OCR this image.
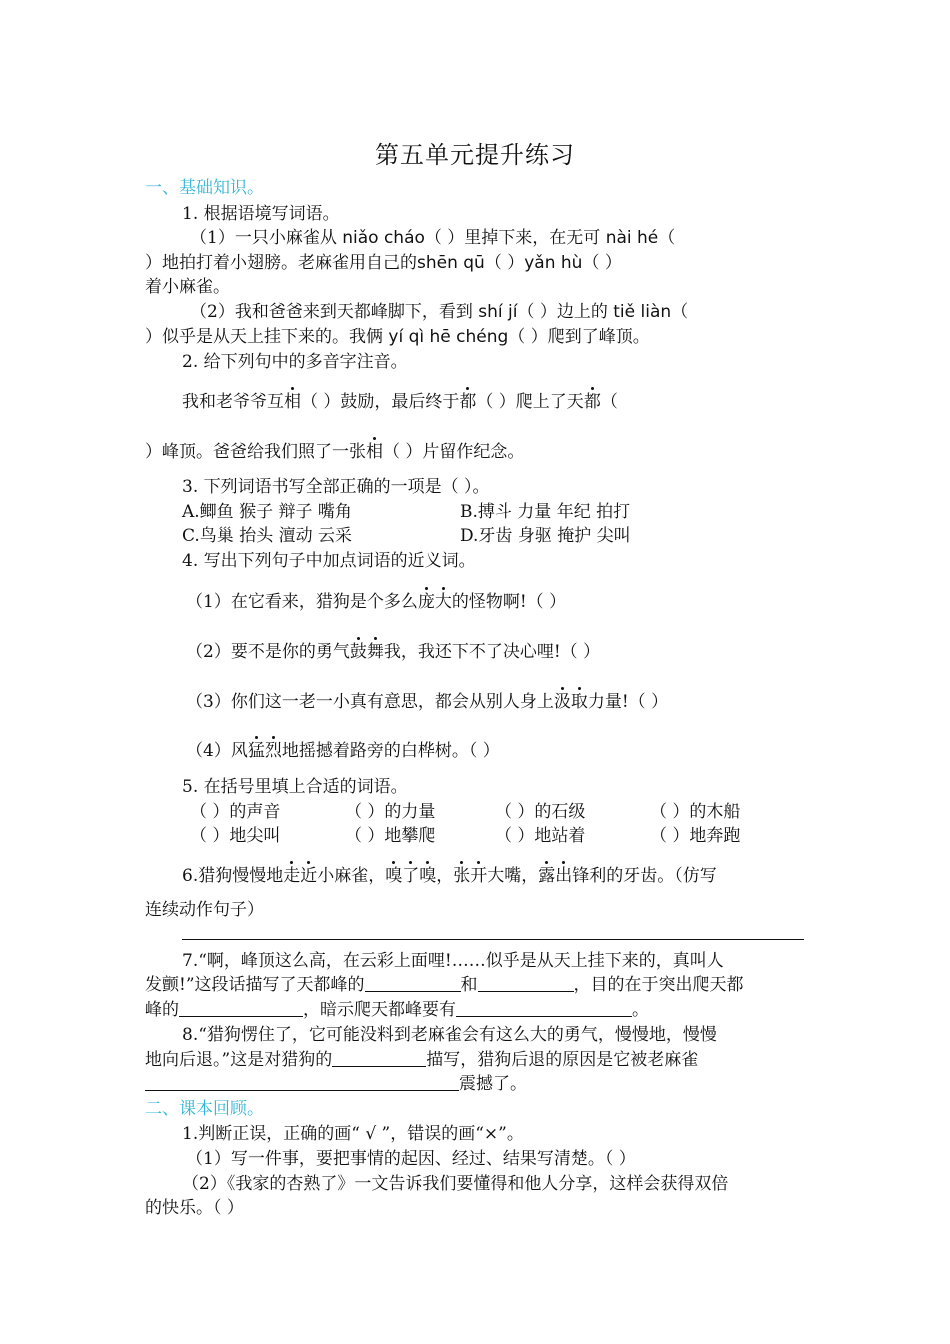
第五单元提升练习
一、基础知识。
1. 根据语境写词语。
（1）一只小麻雀从 niǎo cháo（ ）里掉下来，在无可 nài hé（
）地拍打着小翅膀。老麻雀用自己的shēn qū（ ）yǎn hù（ ）
着小麻雀。
（2）我和爸爸来到天都峰脚下，看到 shí jí（ ）边上的 tiě liàn（
）似乎是从天上挂下来的。我俩 yí qì hē chéng（ ）爬到了峰顶。
2. 给下列句中的多音字注音。
我和老爷爷互相（ ）鼓励，最后终于都（ ）爬上了天都（
）峰顶。爸爸给我们照了一张相（ ）片留作纪念。
3. 下列词语书写全部正确的一项是（ ）。
A.鲫鱼 猴子 辩子 嘴角	B.搏斗 力量 年纪 拍打
C.鸟巢 抬头 澶动 云采	D.牙齿 身驱 掩护 尖叫
4. 写出下列句子中加点词语的近义词。
（1）在它看来，猎狗是个多么庞大的怪物啊!（ ）
（2）要不是你的勇气鼓舞我，我还下不了决心哩!（ ）
（3）你们这一老一小真有意思，都会从别人身上汲取力量!（ ）
（4）风猛烈地摇撼着路旁的白桦树。（ ）
5. 在括号里填上合适的词语。
（ ）的声音	（ ）的力量	（ ）的石级	（ ）的木船
（ ）地尖叫	（ ）地攀爬	（ ）地站着	（ ）地奔跑
6.猎狗慢慢地走近小麻雀，嗅了嗅，张开大嘴，露出锋利的牙齿。（仿写
连续动作句子）
7.“啊，峰顶这么高，在云彩上面哩!……似乎是从天上挂下来的，真叫人
发颤!”这段话描写了天都峰的	和	，目的在于突出爬天都
峰的	，暗示爬天都峰要有	。
8.“猎狗愣住了，它可能没料到老麻雀会有这么大的勇气，慢慢地，慢慢
地向后退。”这是对猎狗的	描写，猎狗后退的原因是它被老麻雀
震撼了。
二、课本回顾。
1.判断正误，正确的画“ √ ”，错误的画“×”。
（1）写一件事，要把事情的起因、经过、结果写清楚。（ ）
（2）《我家的杏熟了》一文告诉我们要懂得和他人分享，这样会获得双倍
的快乐。（ ）
